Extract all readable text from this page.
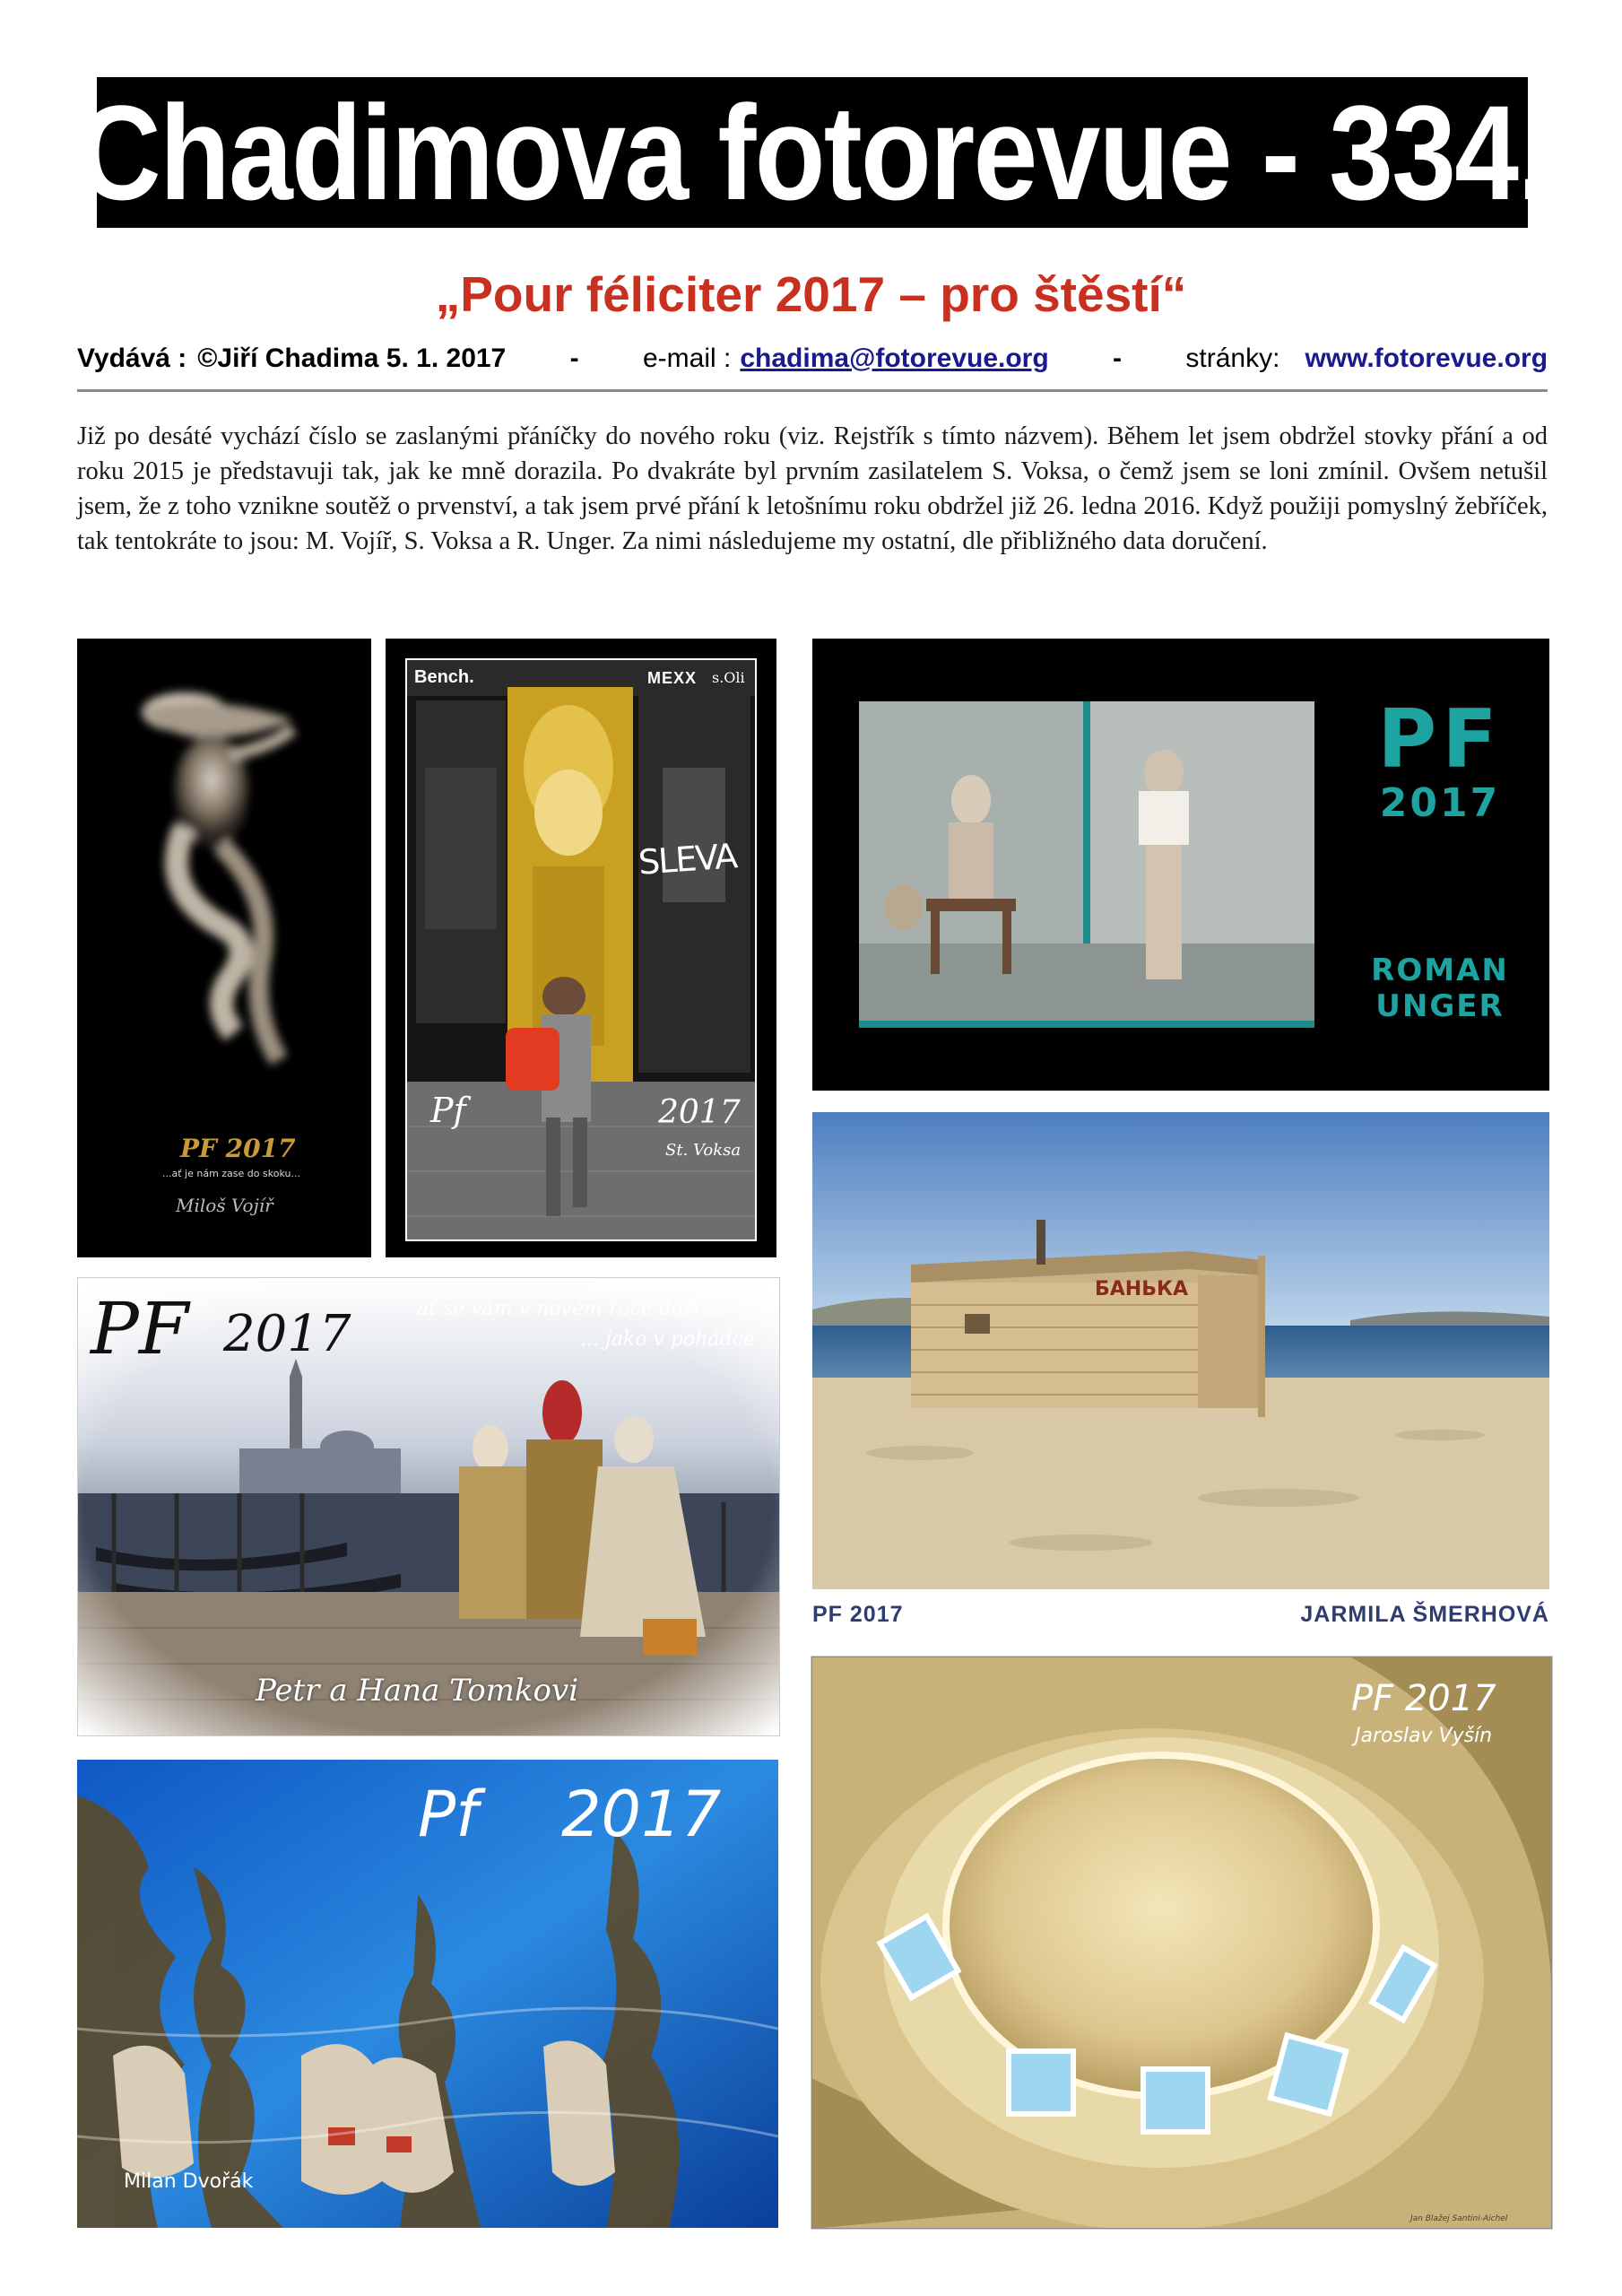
Chadimova fotorevue - 334.
„Pour féliciter 2017 – pro štěstí“
Vydává : ©Jiří Chadima 5. 1. 2017 - e-mail : chadima@fotorevue.org - stránky: www.fotorevue.org
Již po desáté vychází číslo se zaslanými přáníčky do nového roku (viz. Rejstřík s tímto názvem). Během let jsem obdržel stovky přání a od roku 2015 je představuji tak, jak ke mně dorazila. Po dvakráte byl prvním zasilatelem S. Voksa, o čemž jsem se loni zmínil. Ovšem netušil jsem, že z toho vznikne soutěž o prvenství, a tak jsem prvé přání k letošnímu roku obdržel již 26. ledna 2016. Když použiji pomyslný žebříček, tak tentokráte to jsou: M. Vojíř, S. Voksa a R. Unger. Za nimi následujeme my ostatní, dle přibližného data doručení.
PF 2017
...ať je nám zase do skoku...
Miloš Vojíř
Bench.	MEXX s.Oli
SLEVA
Pf	2017
St. Voksa
PF
2017
ROMAN
UNGER
БАНЬКА
PF 2017	JARMILA ŠMERHOVÁ
PF 2017	ať se vám v novém roce daří ...
... jako v pohádce
Petr a Hana Tomkovi
Pf 2017
Milan Dvořák
PF 2017
Jaroslav Vyšín
Jan Blažej Santini-Aichel
